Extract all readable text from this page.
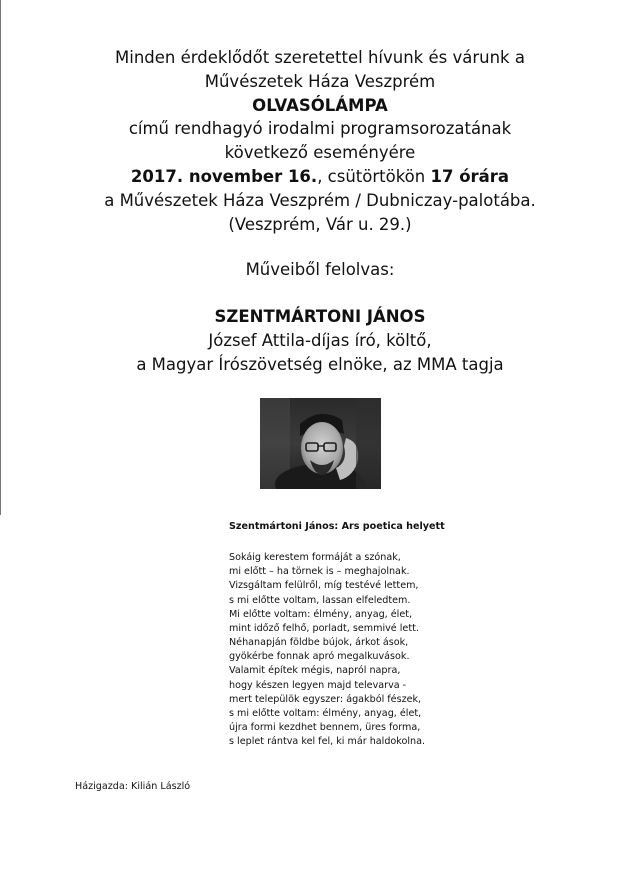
Minden érdeklődőt szeretettel hívunk és várunk a
Művészetek Háza Veszprém
OLVASÓLÁMPA
című rendhagyó irodalmi programsorozatának
következő eseményére
2017. november 16., csütörtökön 17 órára
a Művészetek Háza Veszprém / Dubniczay-palotába.
(Veszprém, Vár u. 29.)
Műveiből felolvas:
SZENTMÁRTONI JÁNOS
József Attila-díjas író, költő,
a Magyar Írószövetség elnöke, az MMA tagja
Szentmártoni János: Ars poetica helyett
Sokáig kerestem formáját a szónak,
mi előtt – ha törnek is – meghajolnak.
Vizsgáltam felülről, míg testévé lettem,
s mi előtte voltam, lassan elfeledtem.
Mi előtte voltam: élmény, anyag, élet,
mint időző felhő, porladt, semmivé lett.
Néhanapján földbe bújok, árkot ások,
gyökérbe fonnak apró megalkuvások.
Valamit építek mégis, napról napra,
hogy készen legyen majd televarva -
mert települök egyszer: ágakból fészek,
s mi előtte voltam: élmény, anyag, élet,
újra formi kezdhet bennem, üres forma,
s leplet rántva kel fel, ki már haldokolna.
Házigazda: Kilián László
